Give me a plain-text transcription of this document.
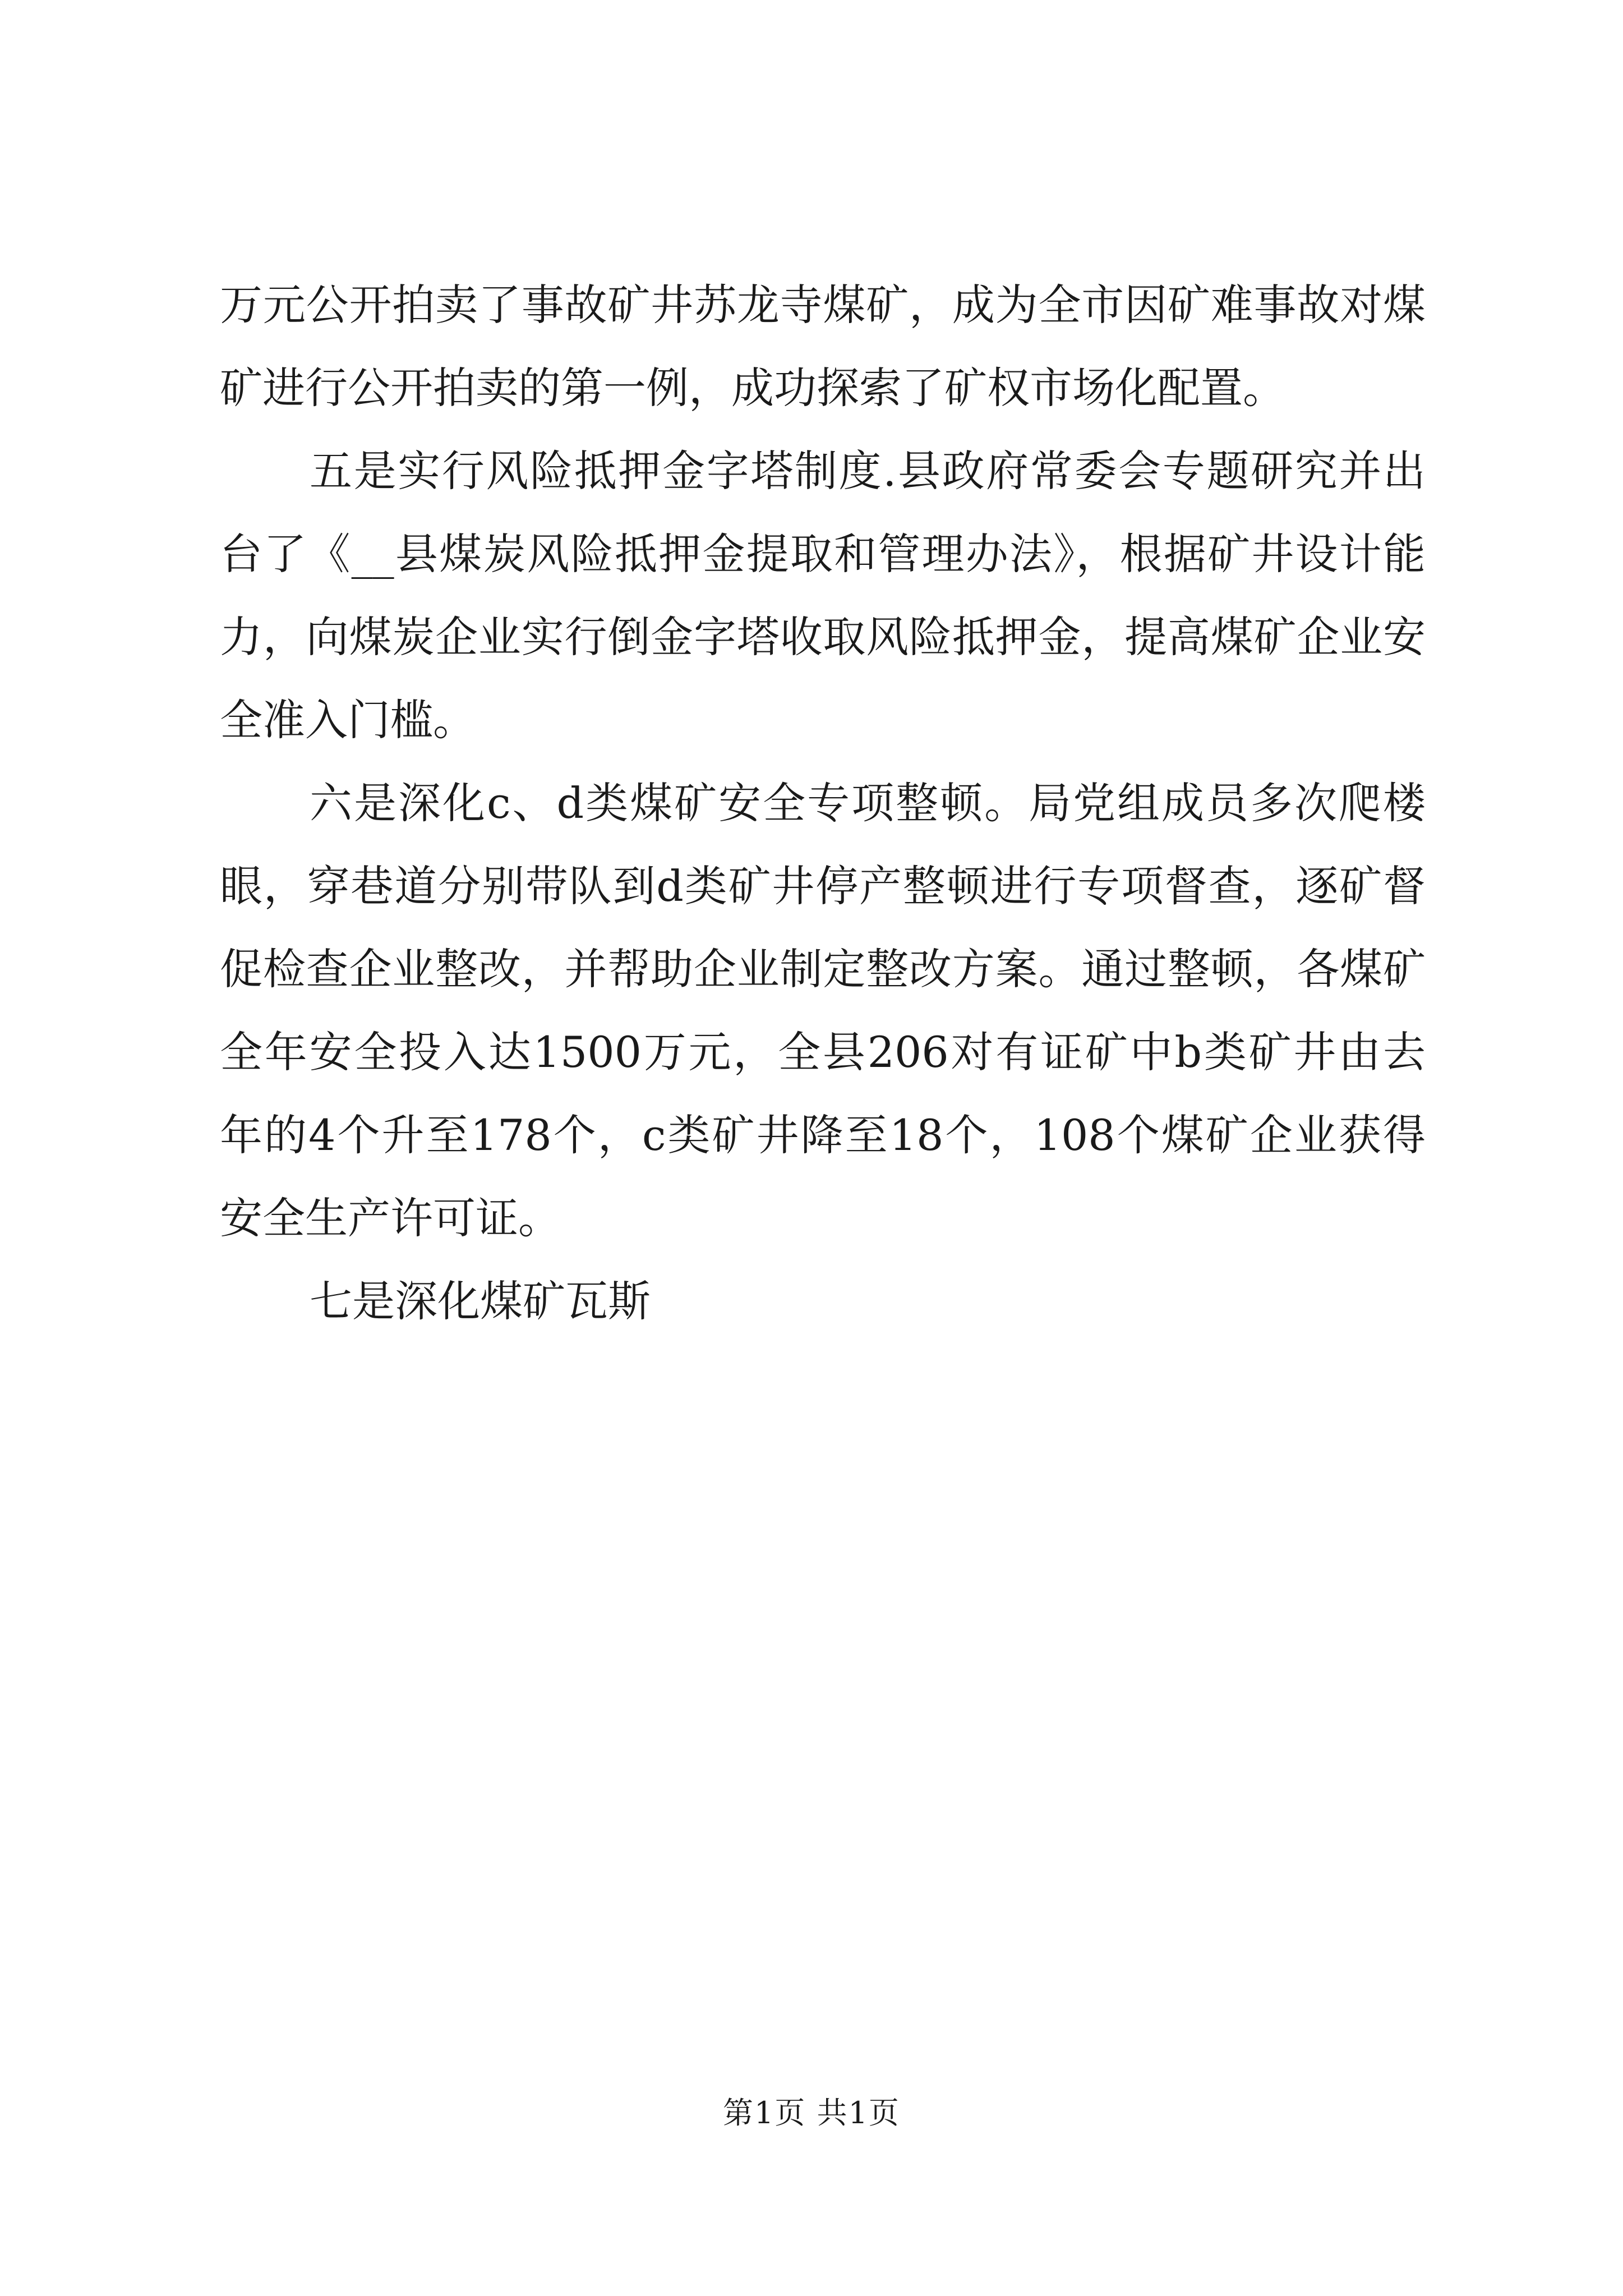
万元公开拍卖了事故矿井苏龙寺煤矿，成为全市因矿难事故对煤
矿进行公开拍卖的第一例，成功探索了矿权市场化配置。
五是实行风险抵押金字塔制度.县政府常委会专题研究并出
台了《__县煤炭风险抵押金提取和管理办法》，根据矿井设计能
力，向煤炭企业实行倒金字塔收取风险抵押金，提高煤矿企业安
全准入门槛。
六是深化c、d类煤矿安全专项整顿。局党组成员多次爬楼
眼，穿巷道分别带队到d类矿井停产整顿进行专项督查，逐矿督
促检查企业整改，并帮助企业制定整改方案。通过整顿，各煤矿
全年安全投入达1500万元，全县206对有证矿中b类矿井由去
年的4个升至178个，c类矿井降至18个，108个煤矿企业获得
安全生产许可证。
七是深化煤矿瓦斯
第1页 共1页
